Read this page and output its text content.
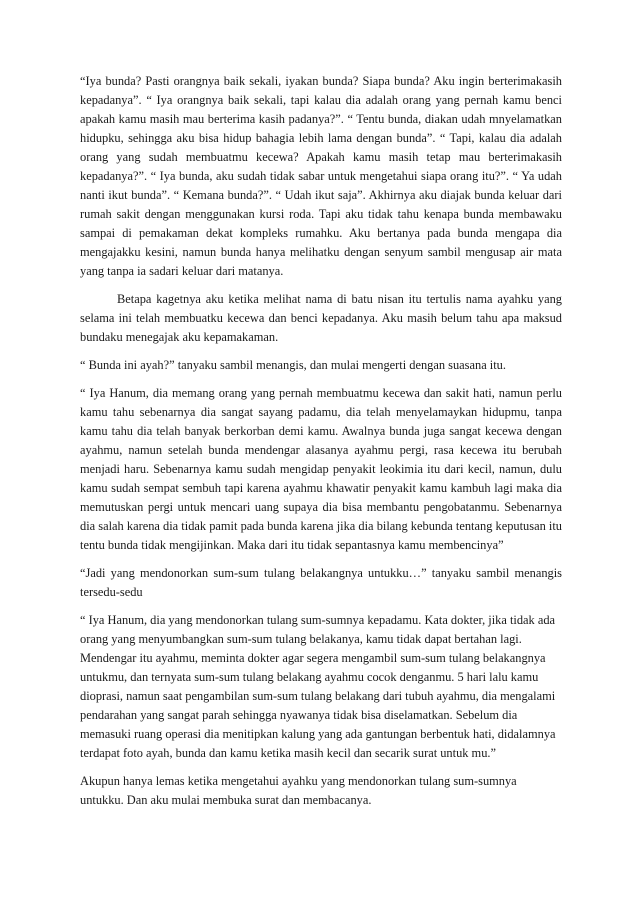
“Iya bunda? Pasti orangnya baik sekali, iyakan bunda? Siapa bunda? Aku ingin berterimakasih kepadanya”. “ Iya orangnya baik sekali, tapi kalau dia adalah orang yang pernah kamu benci apakah kamu masih mau berterima kasih padanya?”. “ Tentu bunda, diakan udah mnyelamatkan hidupku, sehingga aku bisa hidup bahagia lebih lama dengan bunda”. “ Tapi, kalau dia adalah orang yang sudah membuatmu kecewa? Apakah kamu masih tetap mau berterimakasih kepadanya?”. “ Iya bunda, aku sudah tidak sabar untuk mengetahui siapa orang itu?”. “ Ya udah nanti ikut bunda”. “ Kemana bunda?”. “ Udah ikut saja”. Akhirnya aku diajak bunda keluar dari rumah sakit dengan menggunakan kursi roda. Tapi aku tidak tahu kenapa bunda membawaku sampai di pemakaman dekat kompleks rumahku. Aku bertanya pada bunda mengapa dia mengajakku kesini, namun bunda hanya melihatku dengan senyum sambil mengusap air mata yang tanpa ia sadari keluar dari matanya.

Betapa kagetnya aku ketika melihat nama di batu nisan itu tertulis nama ayahku yang selama ini telah membuatku kecewa dan benci kepadanya. Aku masih belum tahu apa maksud bundaku menegajak aku kepamakaman.

“ Bunda ini ayah?” tanyaku sambil menangis, dan mulai mengerti dengan suasana itu.

“ Iya Hanum, dia memang orang yang pernah membuatmu kecewa dan sakit hati, namun perlu kamu tahu sebenarnya dia sangat sayang padamu, dia telah menyelamaykan hidupmu, tanpa kamu tahu dia telah banyak berkorban demi kamu. Awalnya bunda juga sangat kecewa dengan ayahmu, namun setelah bunda mendengar alasanya ayahmu pergi, rasa kecewa itu berubah menjadi haru. Sebenarnya kamu sudah mengidap penyakit leokimia itu dari kecil, namun, dulu kamu sudah sempat sembuh tapi karena ayahmu khawatir penyakit kamu kambuh lagi maka dia memutuskan pergi untuk mencari uang supaya dia bisa membantu pengobatanmu. Sebenarnya dia salah karena dia tidak pamit pada bunda karena jika dia bilang kebunda tentang keputusan itu tentu bunda tidak mengijinkan. Maka dari itu tidak sepantasnya kamu membencinya”

“Jadi yang mendonorkan sum-sum tulang belakangnya untukku…” tanyaku sambil menangis tersedu-sedu

“ Iya Hanum, dia yang mendonorkan tulang sum-sumnya kepadamu. Kata dokter, jika tidak ada orang yang menyumbangkan sum-sum tulang belakanya, kamu tidak dapat bertahan lagi. Mendengar itu ayahmu, meminta dokter agar segera mengambil sum-sum tulang belakangnya untukmu, dan ternyata sum-sum tulang belakang ayahmu cocok denganmu. 5 hari lalu kamu dioprasi, namun saat pengambilan sum-sum tulang belakang dari tubuh ayahmu, dia mengalami pendarahan yang sangat parah sehingga nyawanya tidak bisa diselamatkan. Sebelum dia memasuki ruang operasi dia menitipkan kalung yang ada gantungan berbentuk hati, didalamnya terdapat foto ayah, bunda dan kamu ketika masih kecil dan secarik surat untuk mu.”

Akupun hanya lemas ketika mengetahui ayahku yang mendonorkan tulang sum-sumnya untukku. Dan aku mulai membuka surat dan membacanya.
